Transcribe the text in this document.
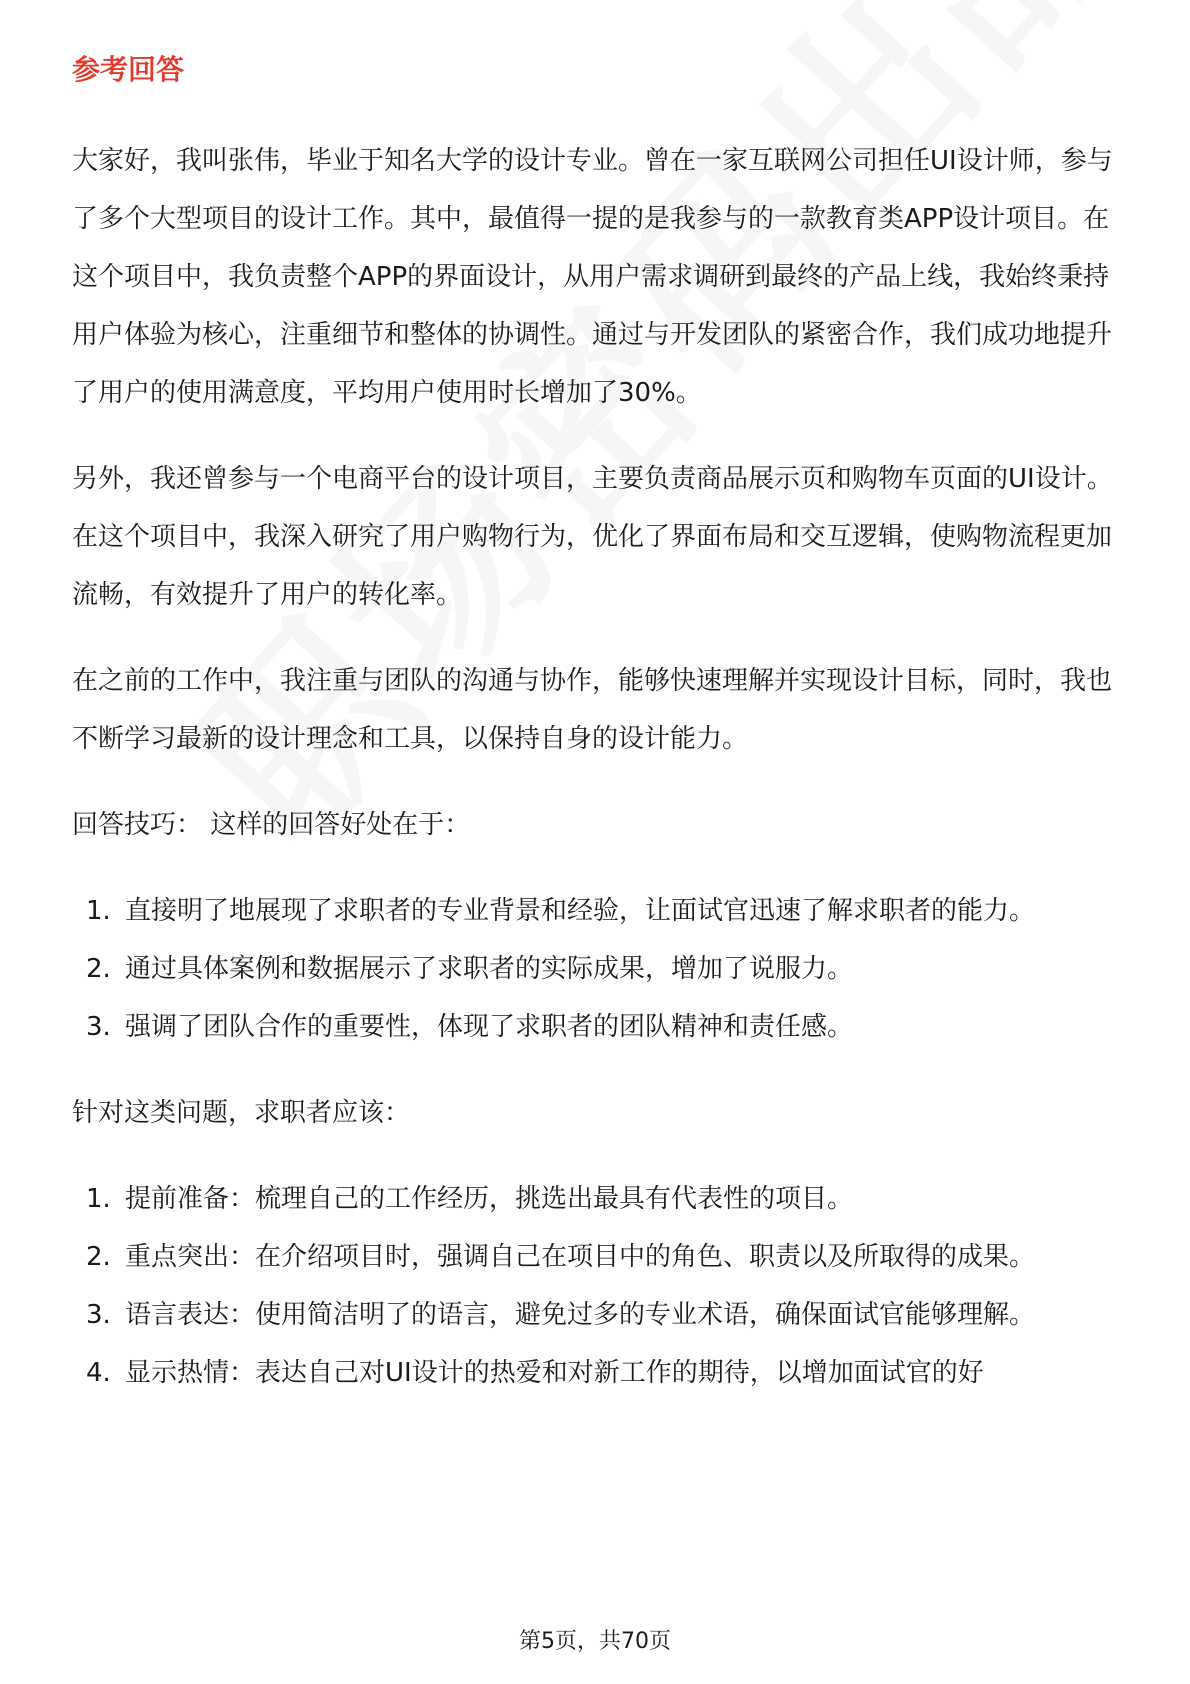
参考回答

大家好，我叫张伟，毕业于知名大学的设计专业。曾在一家互联网公司担任UI设计师，参与了多个大型项目的设计工作。其中，最值得一提的是我参与的一款教育类APP设计项目。在这个项目中，我负责整个APP的界面设计，从用户需求调研到最终的产品上线，我始终秉持用户体验为核心，注重细节和整体的协调性。通过与开发团队的紧密合作，我们成功地提升了用户的使用满意度，平均用户使用时长增加了30%。

另外，我还曾参与一个电商平台的设计项目，主要负责商品展示页和购物车页面的UI设计。在这个项目中，我深入研究了用户购物行为，优化了界面布局和交互逻辑，使购物流程更加流畅，有效提升了用户的转化率。

在之前的工作中，我注重与团队的沟通与协作，能够快速理解并实现设计目标，同时，我也不断学习最新的设计理念和工具，以保持自身的设计能力。

回答技巧： 这样的回答好处在于：

1. 直接明了地展现了求职者的专业背景和经验，让面试官迅速了解求职者的能力。
2. 通过具体案例和数据展示了求职者的实际成果，增加了说服力。
3. 强调了团队合作的重要性，体现了求职者的团队精神和责任感。

针对这类问题，求职者应该：

1. 提前准备：梳理自己的工作经历，挑选出最具有代表性的项目。
2. 重点突出：在介绍项目时，强调自己在项目中的角色、职责以及所取得的成果。
3. 语言表达：使用简洁明了的语言，避免过多的专业术语，确保面试官能够理解。
4. 显示热情：表达自己对UI设计的热爱和对新工作的期待，以增加面试官的好
第5页，共70页
